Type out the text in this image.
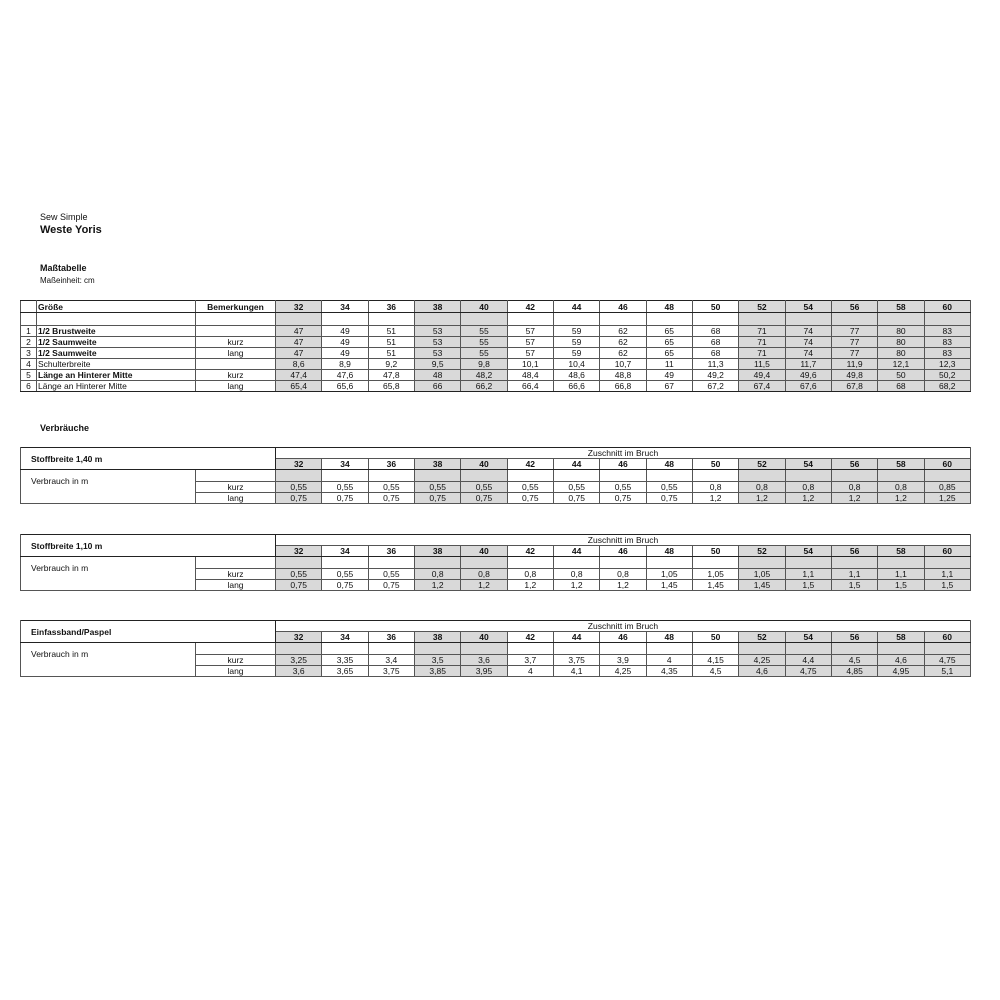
Sew Simple
Weste Yoris
Maßtabelle
Maßeinheit: cm
Verbräuche
	Größe	Bemerkungen	32	34	36	38	40	42	44	46	48	50	52	54	56	58	60

1	1/2 Brustweite		47	49	51	53	55	57	59	62	65	68	71	74	77	80	83
2	1/2 Saumweite	kurz	47	49	51	53	55	57	59	62	65	68	71	74	77	80	83
3	1/2 Saumweite	lang	47	49	51	53	55	57	59	62	65	68	71	74	77	80	83
4	Schulterbreite		8,6	8,9	9,2	9,5	9,8	10,1	10,4	10,7	11	11,3	11,5	11,7	11,9	12,1	12,3
5	Länge an Hinterer Mitte	kurz	47,4	47,6	47,8	48	48,2	48,4	48,6	48,8	49	49,2	49,4	49,6	49,8	50	50,2
6	Länge an Hinterer Mitte	lang	65,4	65,6	65,8	66	66,2	66,4	66,6	66,8	67	67,2	67,4	67,6	67,8	68	68,2
Stoffbreite 1,40 m		Zuschnitt im Bruch														
		32	34	36	38	40	42	44	46	48	50	52	54	56	58	60
Verbrauch in m																
	kurz	0,55	0,55	0,55	0,55	0,55	0,55	0,55	0,55	0,55	0,8	0,8	0,8	0,8	0,8	0,85
	lang	0,75	0,75	0,75	0,75	0,75	0,75	0,75	0,75	0,75	1,2	1,2	1,2	1,2	1,2	1,25
Stoffbreite 1,10 m		Zuschnitt im Bruch														
		32	34	36	38	40	42	44	46	48	50	52	54	56	58	60
Verbrauch in m																
	kurz	0,55	0,55	0,55	0,8	0,8	0,8	0,8	0,8	1,05	1,05	1,05	1,1	1,1	1,1	1,1
	lang	0,75	0,75	0,75	1,2	1,2	1,2	1,2	1,2	1,45	1,45	1,45	1,5	1,5	1,5	1,5
Einfassband/Paspel		Zuschnitt im Bruch														
		32	34	36	38	40	42	44	46	48	50	52	54	56	58	60
Verbrauch in m																
	kurz	3,25	3,35	3,4	3,5	3,6	3,7	3,75	3,9	4	4,15	4,25	4,4	4,5	4,6	4,75
	lang	3,6	3,65	3,75	3,85	3,95	4	4,1	4,25	4,35	4,5	4,6	4,75	4,85	4,95	5,1
